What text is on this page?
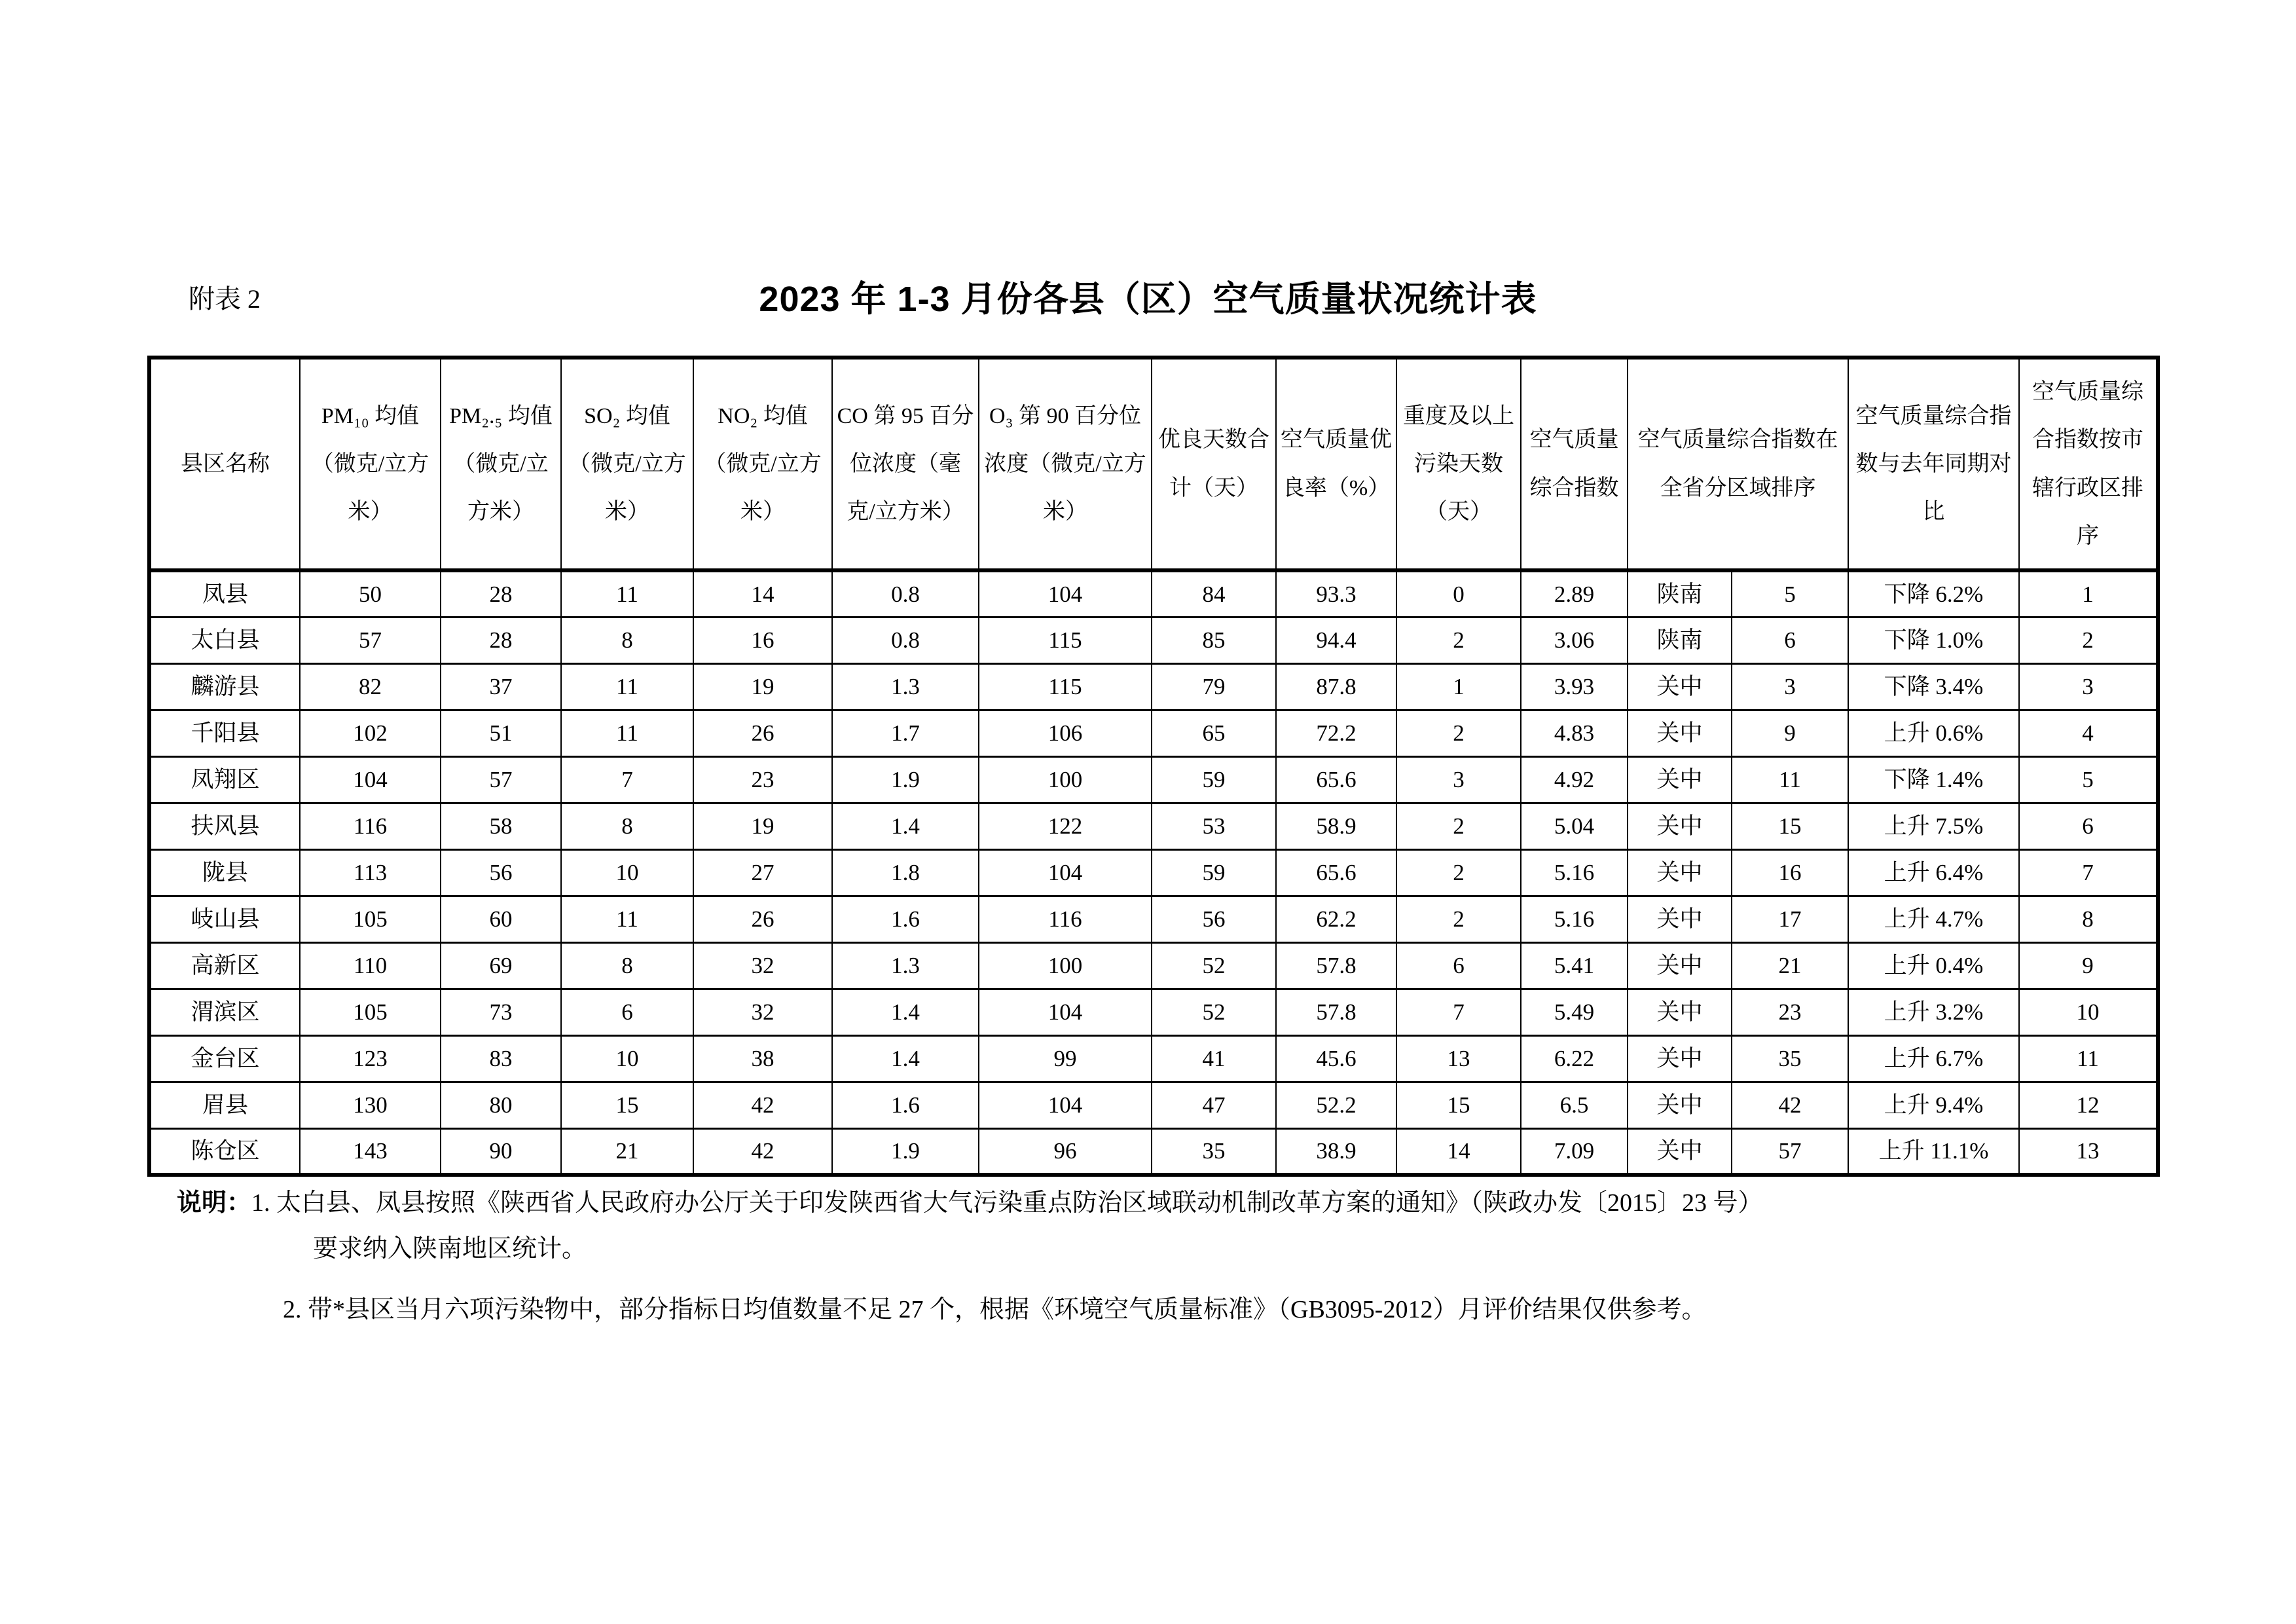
附表 2	2023 年 1-3 月份各县（区）空气质量状况统计表
县区名称	PM₁₀ 均值（微克/立方米）	PM₂.₅ 均值（微克/立方米）	SO₂ 均值（微克/立方米）	NO₂ 均值（微克/立方米）	CO 第 95 百分位浓度（毫克/立方米）	O₃ 第 90 百分位浓度（微克/立方米）	优良天数合计（天）	空气质量优良率（%）	重度及以上污染天数（天）	空气质量综合指数	空气质量综合指数在全省分区域排序		空气质量综合指数与去年同期对比	空气质量综合指数按市辖行政区排序
凤县	50	28	11	14	0.8	104	84	93.3	0	2.89	陕南	5	下降 6.2%	1
太白县	57	28	8	16	0.8	115	85	94.4	2	3.06	陕南	6	下降 1.0%	2
麟游县	82	37	11	19	1.3	115	79	87.8	1	3.93	关中	3	下降 3.4%	3
千阳县	102	51	11	26	1.7	106	65	72.2	2	4.83	关中	9	上升 0.6%	4
凤翔区	104	57	7	23	1.9	100	59	65.6	3	4.92	关中	11	下降 1.4%	5
扶风县	116	58	8	19	1.4	122	53	58.9	2	5.04	关中	15	上升 7.5%	6
陇县	113	56	10	27	1.8	104	59	65.6	2	5.16	关中	16	上升 6.4%	7
岐山县	105	60	11	26	1.6	116	56	62.2	2	5.16	关中	17	上升 4.7%	8
高新区	110	69	8	32	1.3	100	52	57.8	6	5.41	关中	21	上升 0.4%	9
渭滨区	105	73	6	32	1.4	104	52	57.8	7	5.49	关中	23	上升 3.2%	10
金台区	123	83	10	38	1.4	99	41	45.6	13	6.22	关中	35	上升 6.7%	11
眉县	130	80	15	42	1.6	104	47	52.2	15	6.5	关中	42	上升 9.4%	12
陈仓区	143	90	21	42	1.9	96	35	38.9	14	7.09	关中	57	上升 11.1%	13
说明：1. 太白县、凤县按照《陕西省人民政府办公厅关于印发陕西省大气污染重点防治区域联动机制改革方案的通知》（陕政办发〔2015〕23 号）
要求纳入陕南地区统计。
2. 带*县区当月六项污染物中，部分指标日均值数量不足 27 个，根据《环境空气质量标准》（GB3095-2012）月评价结果仅供参考。
